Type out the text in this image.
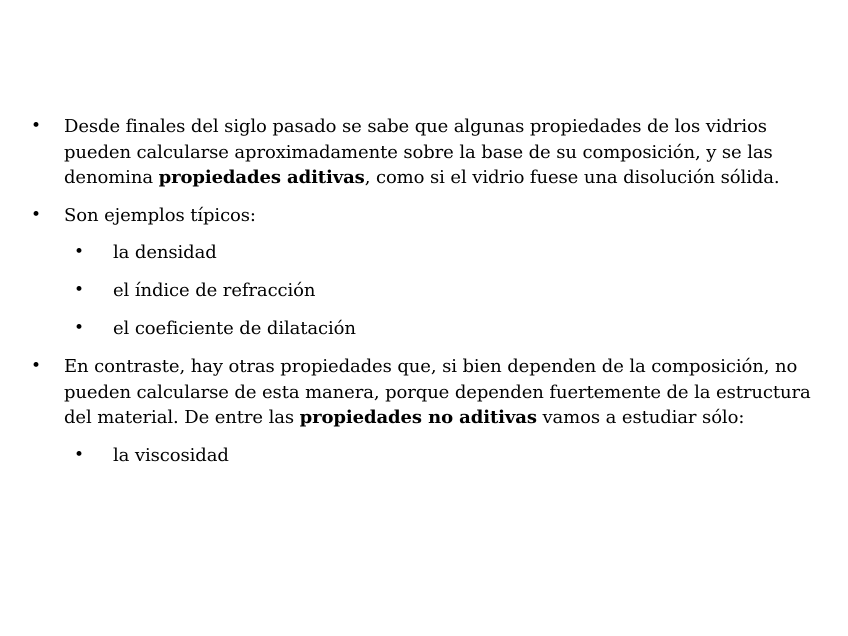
• Desde finales del siglo pasado se sabe que algunas propiedades de los vidrios pueden calcularse aproximadamente sobre la base de su composición, y se las denomina propiedades aditivas, como si el vidrio fuese una disolución sólida.
• Son ejemplos típicos:
• la densidad
• el índice de refracción
• el coeficiente de dilatación
• En contraste, hay otras propiedades que, si bien dependen de la composición, no pueden calcularse de esta manera, porque dependen fuertemente de la estructura del material. De entre las propiedades no aditivas vamos a estudiar sólo:
• la viscosidad
